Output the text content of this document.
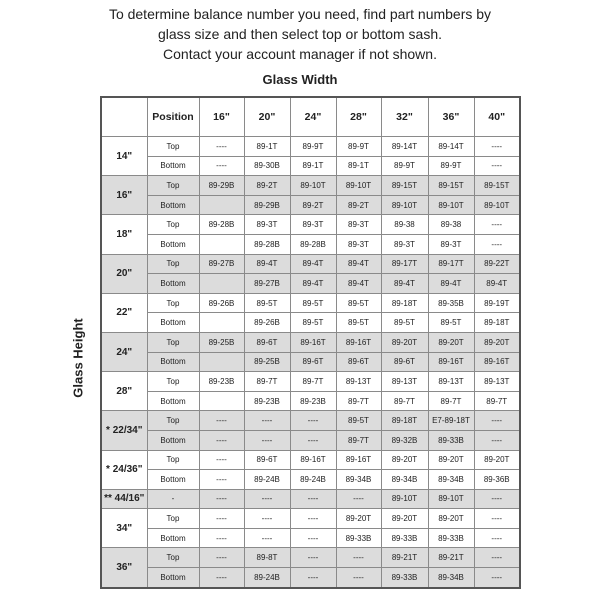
To determine balance number you need, find part numbers by
glass size and then select top or bottom sash.
Contact your account manager if not shown.
Glass Width
Glass Height
	Position	16"	20"	24"	28"	32"	36"	40"
14"	Top	----	89-1T	89-9T	89-9T	89-14T	89-14T	----
	Bottom	----	89-30B	89-1T	89-1T	89-9T	89-9T	----
16"	Top	89-29B	89-2T	89-10T	89-10T	89-15T	89-15T	89-15T
	Bottom		89-29B	89-2T	89-2T	89-10T	89-10T	89-10T
18"	Top	89-28B	89-3T	89-3T	89-3T	89-38	89-38	----
	Bottom		89-28B	89-28B	89-3T	89-3T	89-3T	----
20"	Top	89-27B	89-4T	89-4T	89-4T	89-17T	89-17T	89-22T
	Bottom		89-27B	89-4T	89-4T	89-4T	89-4T	89-4T
22"	Top	89-26B	89-5T	89-5T	89-5T	89-18T	89-35B	89-19T
	Bottom		89-26B	89-5T	89-5T	89-5T	89-5T	89-18T
24"	Top	89-25B	89-6T	89-16T	89-16T	89-20T	89-20T	89-20T
	Bottom		89-25B	89-6T	89-6T	89-6T	89-16T	89-16T
28"	Top	89-23B	89-7T	89-7T	89-13T	89-13T	89-13T	89-13T
	Bottom		89-23B	89-23B	89-7T	89-7T	89-7T	89-7T
* 22/34"	Top	----	----	----	89-5T	89-18T	E7-89-18T	----
	Bottom	----	----	----	89-7T	89-32B	89-33B	----
* 24/36"	Top	----	89-6T	89-16T	89-16T	89-20T	89-20T	89-20T
	Bottom	----	89-24B	89-24B	89-34B	89-34B	89-34B	89-36B
** 44/16"	-	----	----	----	----	89-10T	89-10T	----
34"	Top	----	----	----	89-20T	89-20T	89-20T	----
	Bottom	----	----	----	89-33B	89-33B	89-33B	----
36"	Top	----	89-8T	----	----	89-21T	89-21T	----
	Bottom	----	89-24B	----	----	89-33B	89-34B	----
